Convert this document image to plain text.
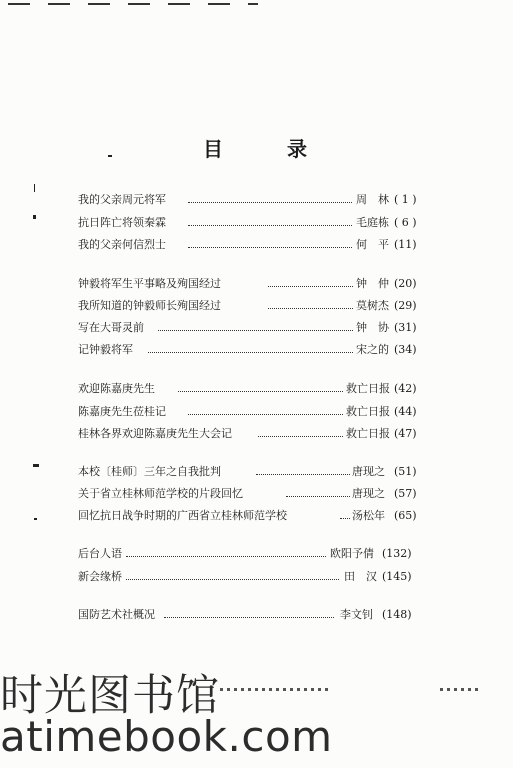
目	录
我的父亲周元将军	周　林 ( 1 )
抗日阵亡将领秦霖	毛庭栋 ( 6 )
我的父亲何信烈士	何　平 (11)
钟毅将军生平事略及殉国经过	钟　仲 (20)
我所知道的钟毅师长殉国经过	莫树杰 (29)
写在大哥灵前	钟　协 (31)
记钟毅将军	宋之的 (34)
欢迎陈嘉庚先生	救亡日报 (42)
陈嘉庚先生莅桂记	救亡日报 (44)
桂林各界欢迎陈嘉庚先生大会记	救亡日报 (47)
本校〔桂师〕三年之自我批判	唐现之 (51)
关于省立桂林师范学校的片段回忆	唐现之 (57)
回忆抗日战争时期的广西省立桂林师范学校	汤松年 (65)
后台人语	欧阳予倩 (132)
新会缘桥	田　汉 (145)
国防艺术社概况	李文钊 (148)
时光图书馆
atimebook.com
